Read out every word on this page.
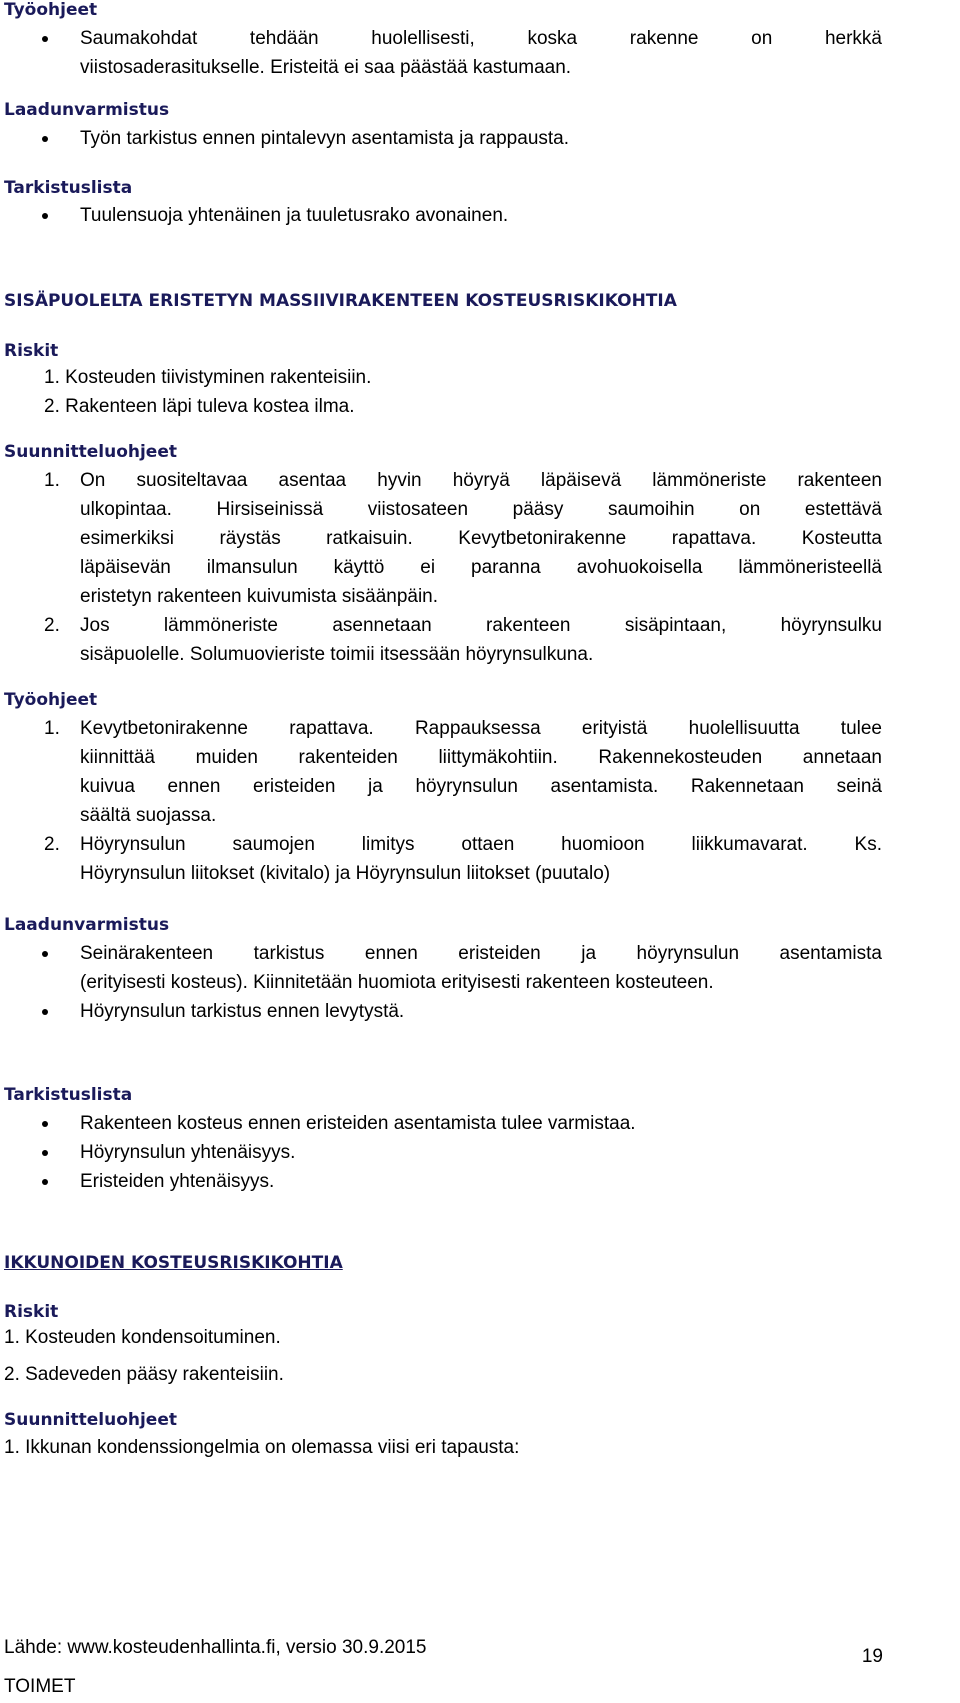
Työohjeet
Saumakohdat tehdään huolellisesti, koska rakenne on herkkä
viistosaderasitukselle. Eristeitä ei saa päästää kastumaan.
Laadunvarmistus
Työn tarkistus ennen pintalevyn asentamista ja rappausta.
Tarkistuslista
Tuulensuoja yhtenäinen ja tuuletusrako avonainen.
SISÄPUOLELTA ERISTETYN MASSIIVIRAKENTEEN KOSTEUSRISKIKOHTIA
Riskit
1. Kosteuden tiivistyminen rakenteisiin.
2. Rakenteen läpi tuleva kostea ilma.
Suunnitteluohjeet
1. On suositeltavaa asentaa hyvin höyryä läpäisevä lämmöneriste rakenteen
ulkopintaa. Hirsiseinissä viistosateen pääsy saumoihin on estettävä
esimerkiksi räystäs ratkaisuin. Kevytbetonirakenne rapattava. Kosteutta
läpäisevän ilmansulun käyttö ei paranna avohuokoisella lämmöneristeellä
eristetyn rakenteen kuivumista sisäänpäin.
2. Jos lämmöneriste asennetaan rakenteen sisäpintaan, höyrynsulku
sisäpuolelle. Solumuovieriste toimii itsessään höyrynsulkuna.
Työohjeet
1. Kevytbetonirakenne rapattava. Rappauksessa erityistä huolellisuutta tulee
kiinnittää muiden rakenteiden liittymäkohtiin. Rakennekosteuden annetaan
kuivua ennen eristeiden ja höyrynsulun asentamista. Rakennetaan seinä
säältä suojassa.
2. Höyrynsulun saumojen limitys ottaen huomioon liikkumavarat. Ks.
Höyrynsulun liitokset (kivitalo) ja Höyrynsulun liitokset (puutalo)
Laadunvarmistus
Seinärakenteen tarkistus ennen eristeiden ja höyrynsulun asentamista
(erityisesti kosteus). Kiinnitetään huomiota erityisesti rakenteen kosteuteen.
Höyrynsulun tarkistus ennen levytystä.
Tarkistuslista
Rakenteen kosteus ennen eristeiden asentamista tulee varmistaa.
Höyrynsulun yhtenäisyys.
Eristeiden yhtenäisyys.
IKKUNOIDEN KOSTEUSRISKIKOHTIA
Riskit
1. Kosteuden kondensoituminen.
2. Sadeveden pääsy rakenteisiin.
Suunnitteluohjeet
1. Ikkunan kondenssiongelmia on olemassa viisi eri tapausta:
Lähde: www.kosteudenhallinta.fi, versio 30.9.2015	19
TOIMET
